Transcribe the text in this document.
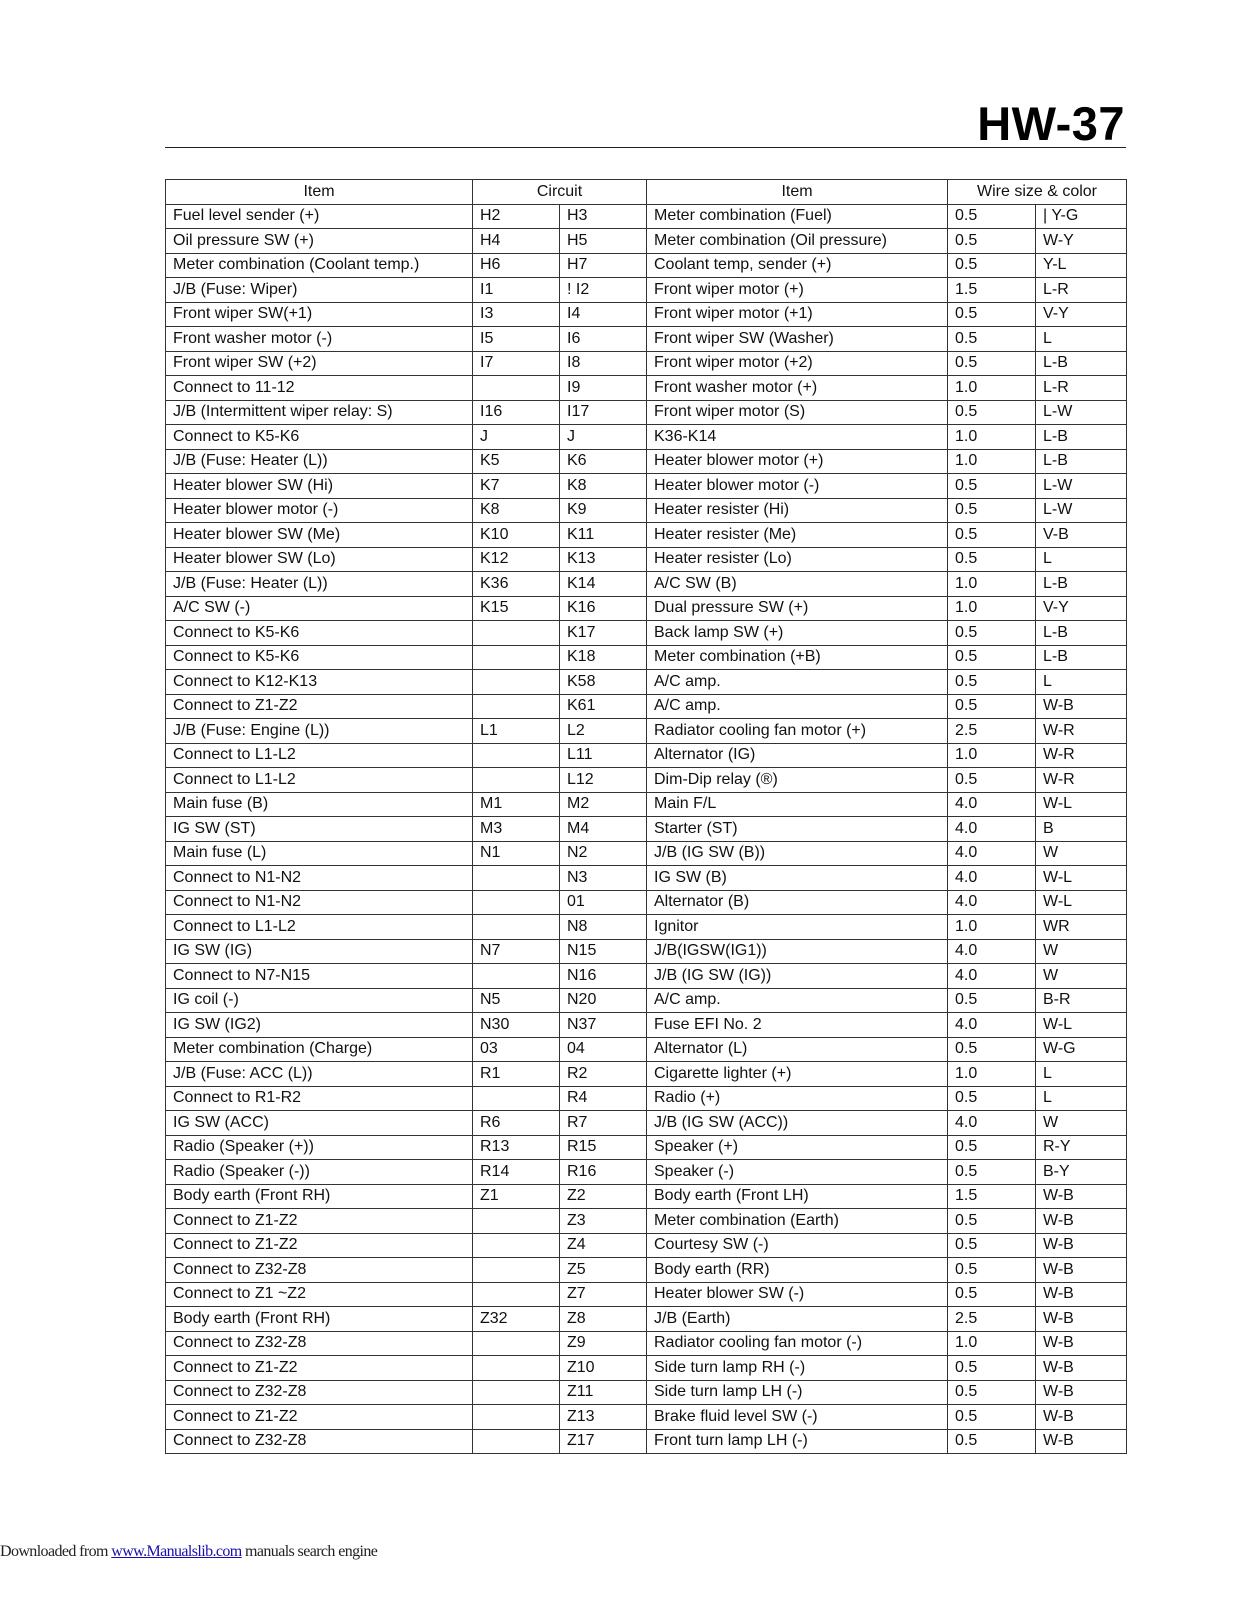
HW-37
Item	Circuit		Item	Wire size & color	
Fuel level sender (+)	H2	H3	Meter combination (Fuel)	0.5	| Y-G
Oil pressure SW (+)	H4	H5	Meter combination (Oil pressure)	0.5	W-Y
Meter combination (Coolant temp.)	H6	H7	Coolant temp, sender (+)	0.5	Y-L
J/B (Fuse: Wiper)	I1	! I2	Front wiper motor (+)	1.5	L-R
Front wiper SW(+1)	I3	I4	Front wiper motor (+1)	0.5	V-Y
Front washer motor (-)	I5	I6	Front wiper SW (Washer)	0.5	L
Front wiper SW (+2)	I7	I8	Front wiper motor (+2)	0.5	L-B
Connect to 11-12		I9	Front washer motor (+)	1.0	L-R
J/B (Intermittent wiper relay: S)	I16	I17	Front wiper motor (S)	0.5	L-W
Connect to K5-K6	J	J	K36-K14	1.0	L-B
J/B (Fuse: Heater (L))	K5	K6	Heater blower motor (+)	1.0	L-B
Heater blower SW (Hi)	K7	K8	Heater blower motor (-)	0.5	L-W
Heater blower motor (-)	K8	K9	Heater resister (Hi)	0.5	L-W
Heater blower SW (Me)	K10	K11	Heater resister (Me)	0.5	V-B
Heater blower SW (Lo)	K12	K13	Heater resister (Lo)	0.5	L
J/B (Fuse: Heater (L))	K36	K14	A/C SW (B)	1.0	L-B
A/C SW (-)	K15	K16	Dual pressure SW (+)	1.0	V-Y
Connect to K5-K6		K17	Back lamp SW (+)	0.5	L-B
Connect to K5-K6		K18	Meter combination (+B)	0.5	L-B
Connect to K12-K13		K58	A/C amp.	0.5	L
Connect to Z1-Z2		K61	A/C amp.	0.5	W-B
J/B (Fuse: Engine (L))	L1	L2	Radiator cooling fan motor (+)	2.5	W-R
Connect to L1-L2		L11	Alternator (IG)	1.0	W-R
Connect to L1-L2		L12	Dim-Dip relay (®)	0.5	W-R
Main fuse (B)	M1	M2	Main F/L	4.0	W-L
IG SW (ST)	M3	M4	Starter (ST)	4.0	B
Main fuse (L)	N1	N2	J/B (IG SW (B))	4.0	W
Connect to N1-N2		N3	IG SW (B)	4.0	W-L
Connect to N1-N2		01	Alternator (B)	4.0	W-L
Connect to L1-L2		N8	Ignitor	1.0	WR
IG SW (IG)	N7	N15	J/B(IGSW(IG1))	4.0	W
Connect to N7-N15		N16	J/B (IG SW (IG))	4.0	W
IG coil (-)	N5	N20	A/C amp.	0.5	B-R
IG SW (IG2)	N30	N37	Fuse EFI No. 2	4.0	W-L
Meter combination (Charge)	03	04	Alternator (L)	0.5	W-G
J/B (Fuse: ACC (L))	R1	R2	Cigarette lighter (+)	1.0	L
Connect to R1-R2		R4	Radio (+)	0.5	L
IG SW (ACC)	R6	R7	J/B (IG SW (ACC))	4.0	W
Radio (Speaker (+))	R13	R15	Speaker (+)	0.5	R-Y
Radio (Speaker (-))	R14	R16	Speaker (-)	0.5	B-Y
Body earth (Front RH)	Z1	Z2	Body earth (Front LH)	1.5	W-B
Connect to Z1-Z2		Z3	Meter combination (Earth)	0.5	W-B
Connect to Z1-Z2		Z4	Courtesy SW (-)	0.5	W-B
Connect to Z32-Z8		Z5	Body earth (RR)	0.5	W-B
Connect to Z1 ~Z2		Z7	Heater blower SW (-)	0.5	W-B
Body earth (Front RH)	Z32	Z8	J/B (Earth)	2.5	W-B
Connect to Z32-Z8		Z9	Radiator cooling fan motor (-)	1.0	W-B
Connect to Z1-Z2		Z10	Side turn lamp RH (-)	0.5	W-B
Connect to Z32-Z8		Z11	Side turn lamp LH (-)	0.5	W-B
Connect to Z1-Z2		Z13	Brake fluid level SW (-)	0.5	W-B
Connect to Z32-Z8		Z17	Front turn lamp LH (-)	0.5	W-B
Downloaded from www.Manualslib.com manuals search engine
